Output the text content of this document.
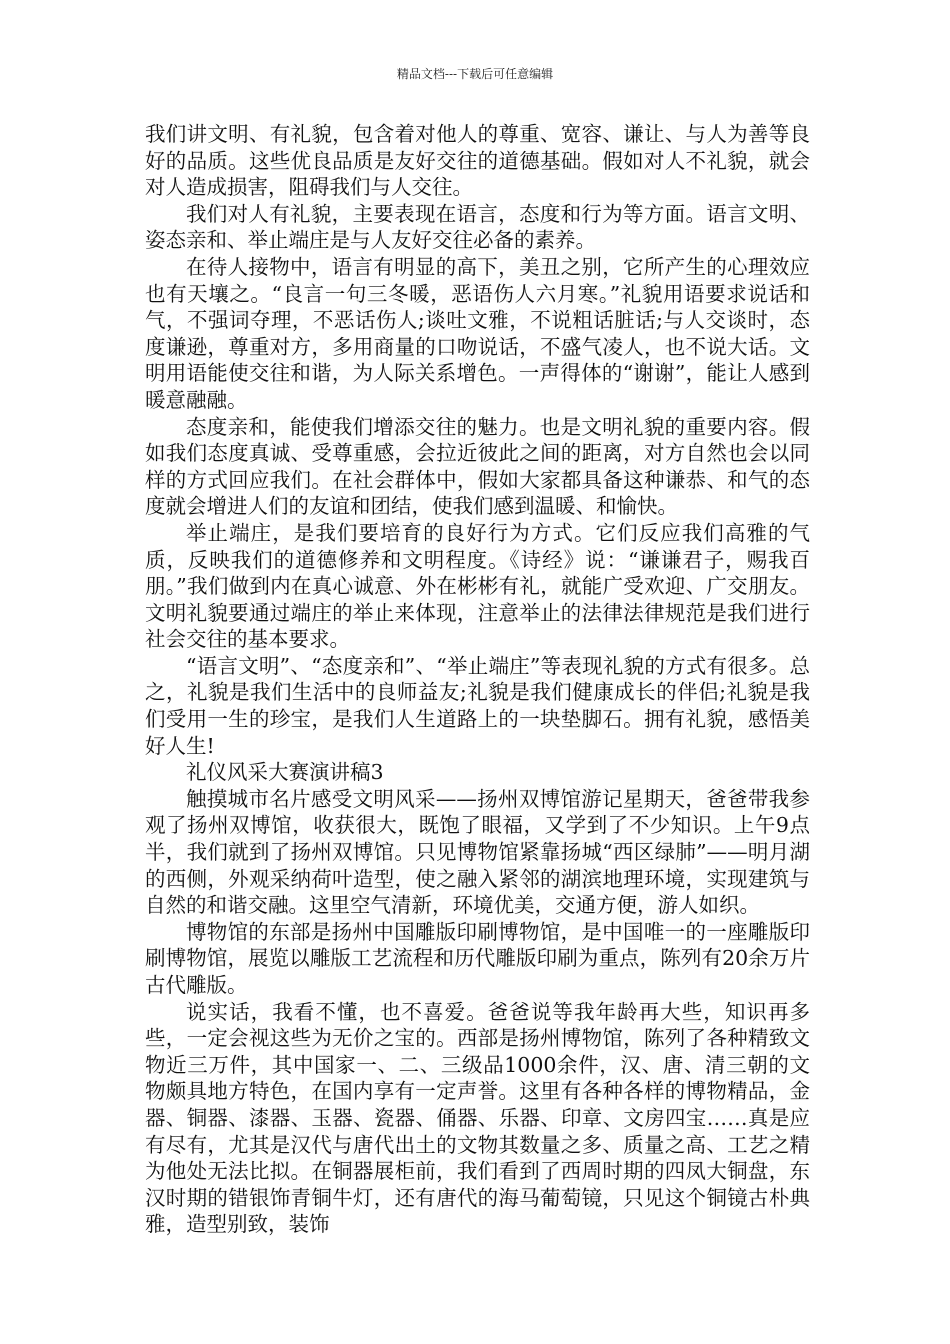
精品文档---下载后可任意编辑

我们讲文明、有礼貌，包含着对他人的尊重、宽容、谦让、与人为善等良好的品质。这些优良品质是友好交往的道德基础。假如对人不礼貌，就会对人造成损害，阻碍我们与人交往。

我们对人有礼貌，主要表现在语言，态度和行为等方面。语言文明、姿态亲和、举止端庄是与人友好交往必备的素养。

在待人接物中，语言有明显的高下，美丑之别，它所产生的心理效应也有天壤之。“良言一句三冬暖，恶语伤人六月寒。”礼貌用语要求说话和气，不强词夺理，不恶话伤人;谈吐文雅，不说粗话脏话;与人交谈时，态度谦逊，尊重对方，多用商量的口吻说话，不盛气凌人，也不说大话。文明用语能使交往和谐，为人际关系增色。一声得体的“谢谢”，能让人感到暖意融融。

态度亲和，能使我们增添交往的魅力。也是文明礼貌的重要内容。假如我们态度真诚、受尊重感，会拉近彼此之间的距离，对方自然也会以同样的方式回应我们。在社会群体中，假如大家都具备这种谦恭、和气的态度就会增进人们的友谊和团结，使我们感到温暖、和愉快。

举止端庄，是我们要培育的良好行为方式。它们反应我们高雅的气质，反映我们的道德修养和文明程度。《诗经》说：“谦谦君子，赐我百朋。”我们做到内在真心诚意、外在彬彬有礼，就能广受欢迎、广交朋友。文明礼貌要通过端庄的举止来体现，注意举止的法律法律规范是我们进行社会交往的基本要求。

“语言文明”、“态度亲和”、“举止端庄”等表现礼貌的方式有很多。总之，礼貌是我们生活中的良师益友;礼貌是我们健康成长的伴侣;礼貌是我们受用一生的珍宝，是我们人生道路上的一块垫脚石。拥有礼貌，感悟美好人生!

礼仪风采大赛演讲稿3

触摸城市名片感受文明风采——扬州双博馆游记星期天，爸爸带我参观了扬州双博馆，收获很大，既饱了眼福，又学到了不少知识。上午9点半，我们就到了扬州双博馆。只见博物馆紧靠扬城“西区绿肺”——明月湖的西侧，外观采纳荷叶造型，使之融入紧邻的湖滨地理环境，实现建筑与自然的和谐交融。这里空气清新，环境优美，交通方便，游人如织。

博物馆的东部是扬州中国雕版印刷博物馆，是中国唯一的一座雕版印刷博物馆，展览以雕版工艺流程和历代雕版印刷为重点，陈列有20余万片古代雕版。

说实话，我看不懂，也不喜爱。爸爸说等我年龄再大些，知识再多些，一定会视这些为无价之宝的。西部是扬州博物馆，陈列了各种精致文物近三万件，其中国家一、二、三级品1000余件，汉、唐、清三朝的文物颇具地方特色，在国内享有一定声誉。这里有各种各样的博物精品，金器、铜器、漆器、玉器、瓷器、俑器、乐器、印章、文房四宝……真是应有尽有，尤其是汉代与唐代出土的文物其数量之多、质量之高、工艺之精为他处无法比拟。在铜器展柜前，我们看到了西周时期的四凤大铜盘，东汉时期的错银饰青铜牛灯，还有唐代的海马葡萄镜，只见这个铜镜古朴典雅，造型别致，装饰
